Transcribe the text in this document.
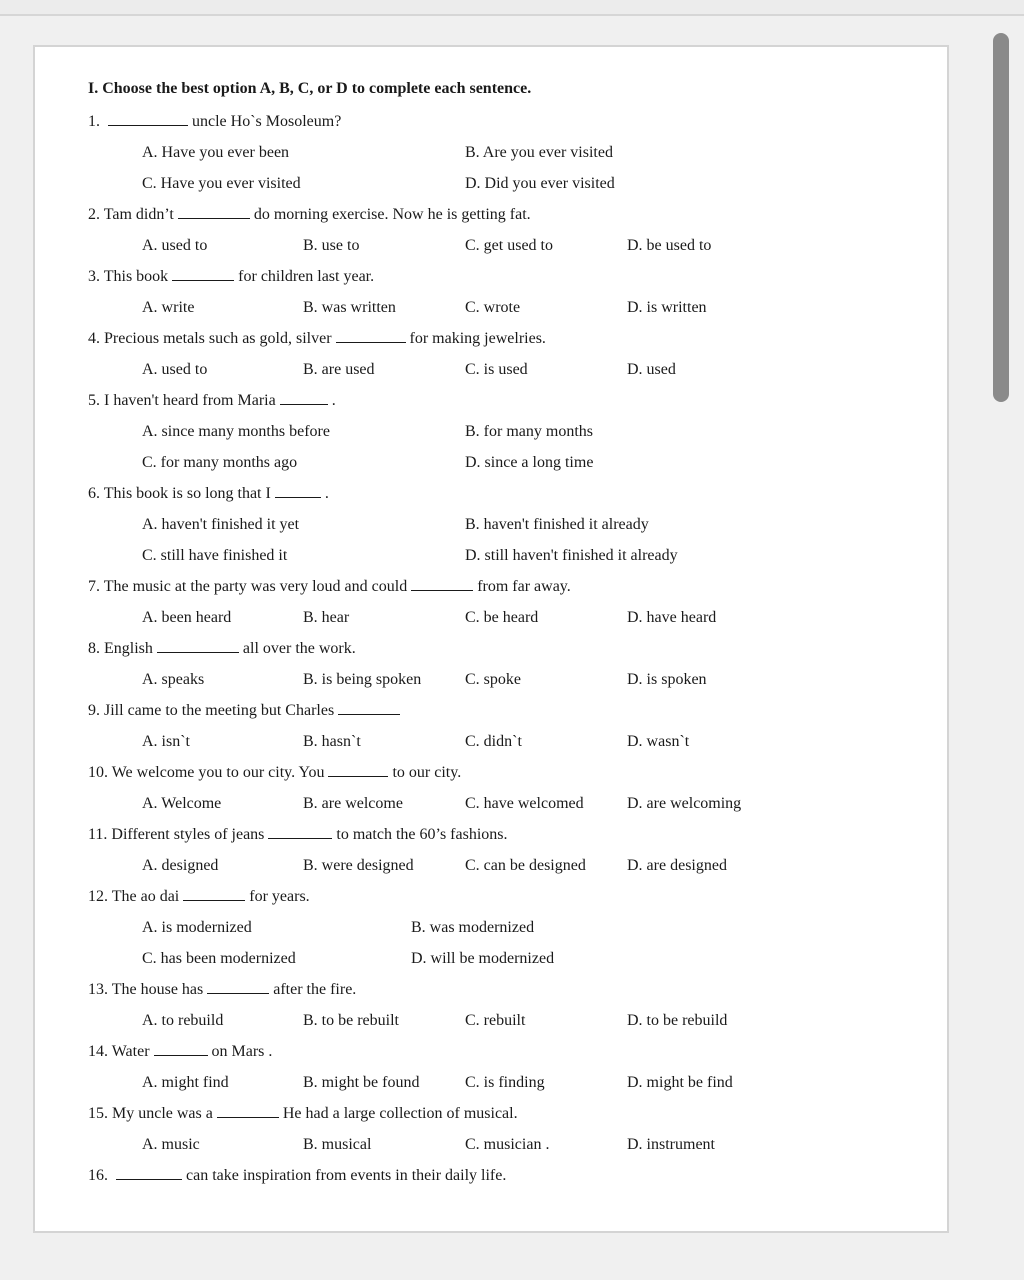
I. Choose the best option A, B, C, or D to complete each sentence.
1.	uncle Ho`s Mosoleum?
A. Have you ever been	B. Are you ever visited
C. Have you ever visited	D. Did you ever visited
2. Tam didn’t	do morning exercise. Now he is getting fat.
A. used to	B. use to	C. get used to	D. be used to
3. This book	for children last year.
A. write	B. was written	C. wrote	D. is written
4. Precious metals such as gold, silver	for making jewelries.
A. used to	B. are used	C. is used	D. used
5. I haven't heard from Maria	.
A. since many months before	B. for many months
C. for many months ago	D. since a long time
6. This book is so long that I	.
A. haven't finished it yet	B. haven't finished it already
C. still have finished it	D. still haven't finished it already
7. The music at the party was very loud and could	from far away.
A. been heard	B. hear	C. be heard	D. have heard
8. English	all over the work.
A. speaks	B. is being spoken	C. spoke	D. is spoken
9. Jill came to the meeting but Charles
A. isn`t	B. hasn`t	C. didn`t	D. wasn`t
10. We welcome you to our city. You	to our city.
A. Welcome	B. are welcome	C. have welcomed	D. are welcoming
11. Different styles of jeans	to match the 60’s fashions.
A. designed	B. were designed	C. can be designed	D. are designed
12. The ao dai	for years.
A. is modernized	B. was modernized
C. has been modernized	D. will be modernized
13. The house has	after the fire.
A. to rebuild	B. to be rebuilt	C. rebuilt	D. to be rebuild
14. Water	on Mars .
A. might find	B. might be found	C. is finding	D. might be find
15. My uncle was a	He had a large collection of musical.
A. music	B. musical	C. musician .	D. instrument
16.	can take inspiration from events in their daily life.
